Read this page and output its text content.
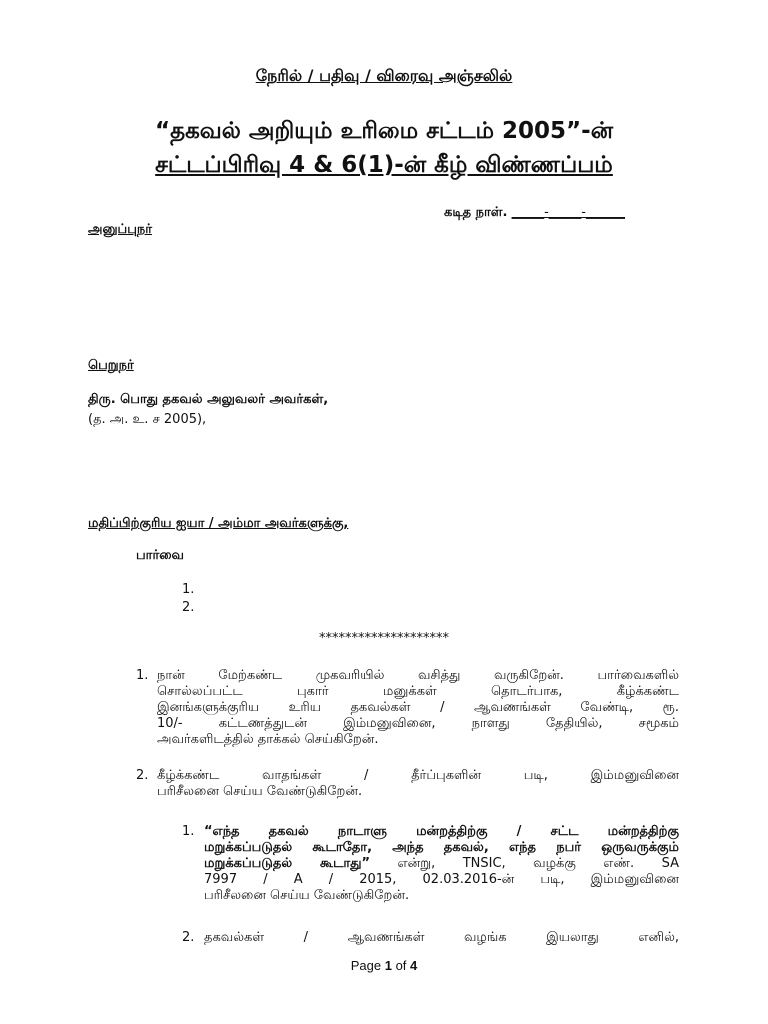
நேரில் / பதிவு / விரைவு அஞ்சலில்
“தகவல் அறியும் உரிமை சட்டம் 2005”-ன்
சட்டப்பிரிவு 4 & 6(1)-ன் கீழ் விண்ணப்பம்
கடித நாள். _____-_____-______
அனுப்புநர்
பெறுநர்
திரு. பொது தகவல் அலுவலர் அவர்கள்,
(த. அ. உ. ச 2005),
மதிப்பிற்குரிய ஐயா / அம்மா அவர்களுக்கு,
பார்வை
1.
2.
********************
1. நான் மேற்கண்ட முகவரியில் வசித்து வருகிறேன். பார்வைகளில்
சொல்லப்பட்ட புகார் மனுக்கள் தொடர்பாக, கீழ்க்கண்ட
இனங்களுக்குரிய உரிய தகவல்கள் / ஆவணங்கள் வேண்டி, ரூ.
10/- கட்டணத்துடன் இம்மனுவினை, நாளது தேதியில், சமூகம்
அவர்களிடத்தில் தாக்கல் செய்கிறேன்.
2. கீழ்க்கண்ட வாதங்கள் / தீர்ப்புகளின் படி, இம்மனுவினை
பரிசீலனை செய்ய வேண்டுகிறேன்.
1. “எந்த தகவல் நாடாளு மன்றத்திற்கு / சட்ட மன்றத்திற்கு
மறுக்கப்படுதல் கூடாதோ, அந்த தகவல், எந்த நபர் ஒருவருக்கும்
மறுக்கப்படுதல் கூடாது” என்று, TNSIC, வழக்கு எண். SA
7997 / A / 2015, 02.03.2016-ன் படி, இம்மனுவினை
பரிசீலனை செய்ய வேண்டுகிறேன்.
2. தகவல்கள் / ஆவணங்கள் வழங்க இயலாது எனில்,
Page 1 of 4
